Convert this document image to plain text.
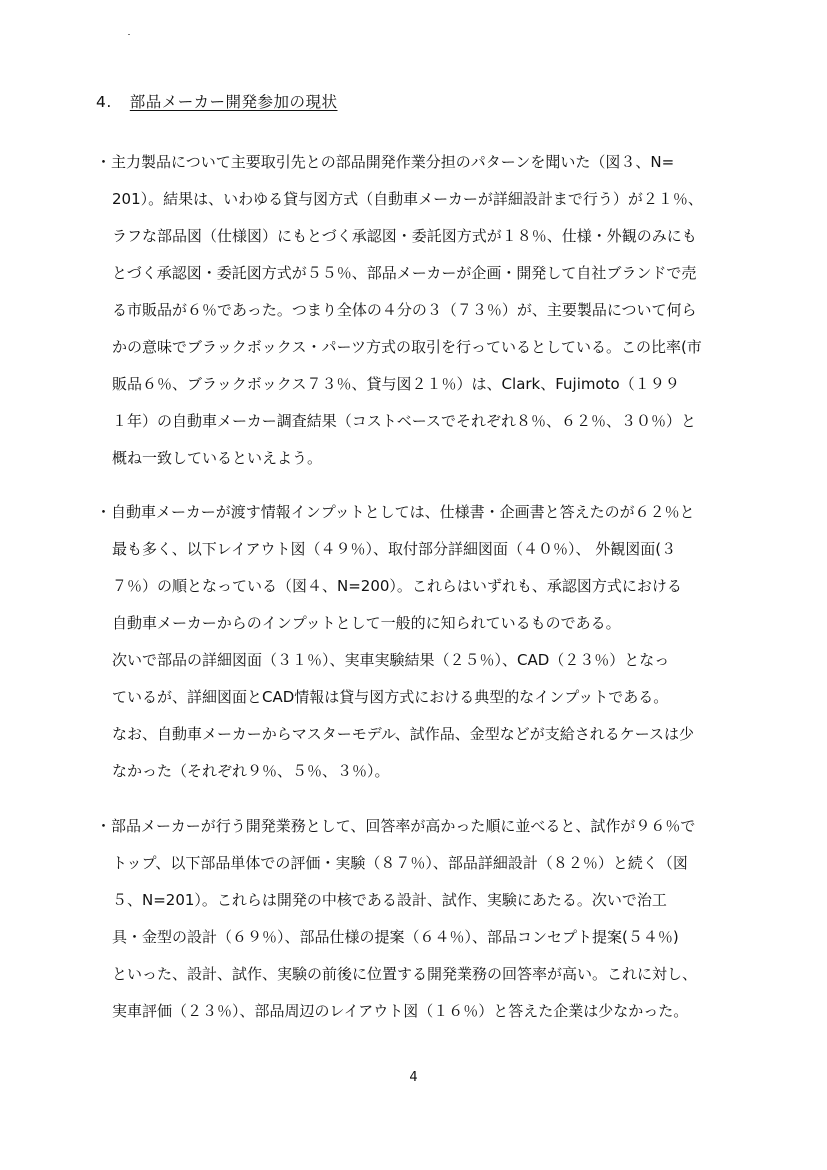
4. 部品メーカー開発参加の現状
・主力製品について主要取引先との部品開発作業分担のパターンを聞いた（図３、N=
201）。結果は、いわゆる貸与図方式（自動車メーカーが詳細設計まで行う）が２１％、
ラフな部品図（仕様図）にもとづく承認図・委託図方式が１８％、仕様・外観のみにも
とづく承認図・委託図方式が５５％、部品メーカーが企画・開発して自社ブランドで売
る市販品が６％であった。つまり全体の４分の３（７３％）が、主要製品について何ら
かの意味でブラックボックス・パーツ方式の取引を行っているとしている。この比率(市
販品６％、ブラックボックス７３％、貸与図２１％）は、Clark、Fujimoto（１９９
１年）の自動車メーカー調査結果（コストベースでそれぞれ８％、６２％、３０％）と
概ね一致しているといえよう。
・自動車メーカーが渡す情報インプットとしては、仕様書・企画書と答えたのが６２％と
最も多く、以下レイアウト図（４９％）、取付部分詳細図面（４０％）、 外観図面(３
７％）の順となっている（図４、N=200）。これらはいずれも、承認図方式における
自動車メーカーからのインプットとして一般的に知られているものである。
次いで部品の詳細図面（３１％）、実車実験結果（２５％）、CAD（２３％）となっ
ているが、詳細図面とCAD情報は貸与図方式における典型的なインプットである。
なお、自動車メーカーからマスターモデル、試作品、金型などが支給されるケースは少
なかった（それぞれ９％、５％、３％）。
・部品メーカーが行う開発業務として、回答率が高かった順に並べると、試作が９６％で
トップ、以下部品単体での評価・実験（８７％）、部品詳細設計（８２％）と続く（図
５、N=201）。これらは開発の中核である設計、試作、実験にあたる。次いで治工
具・金型の設計（６９％）、部品仕様の提案（６４％）、部品コンセプト提案(５４％)
といった、設計、試作、実験の前後に位置する開発業務の回答率が高い。これに対し、
実車評価（２３％）、部品周辺のレイアウト図（１６％）と答えた企業は少なかった。
4
